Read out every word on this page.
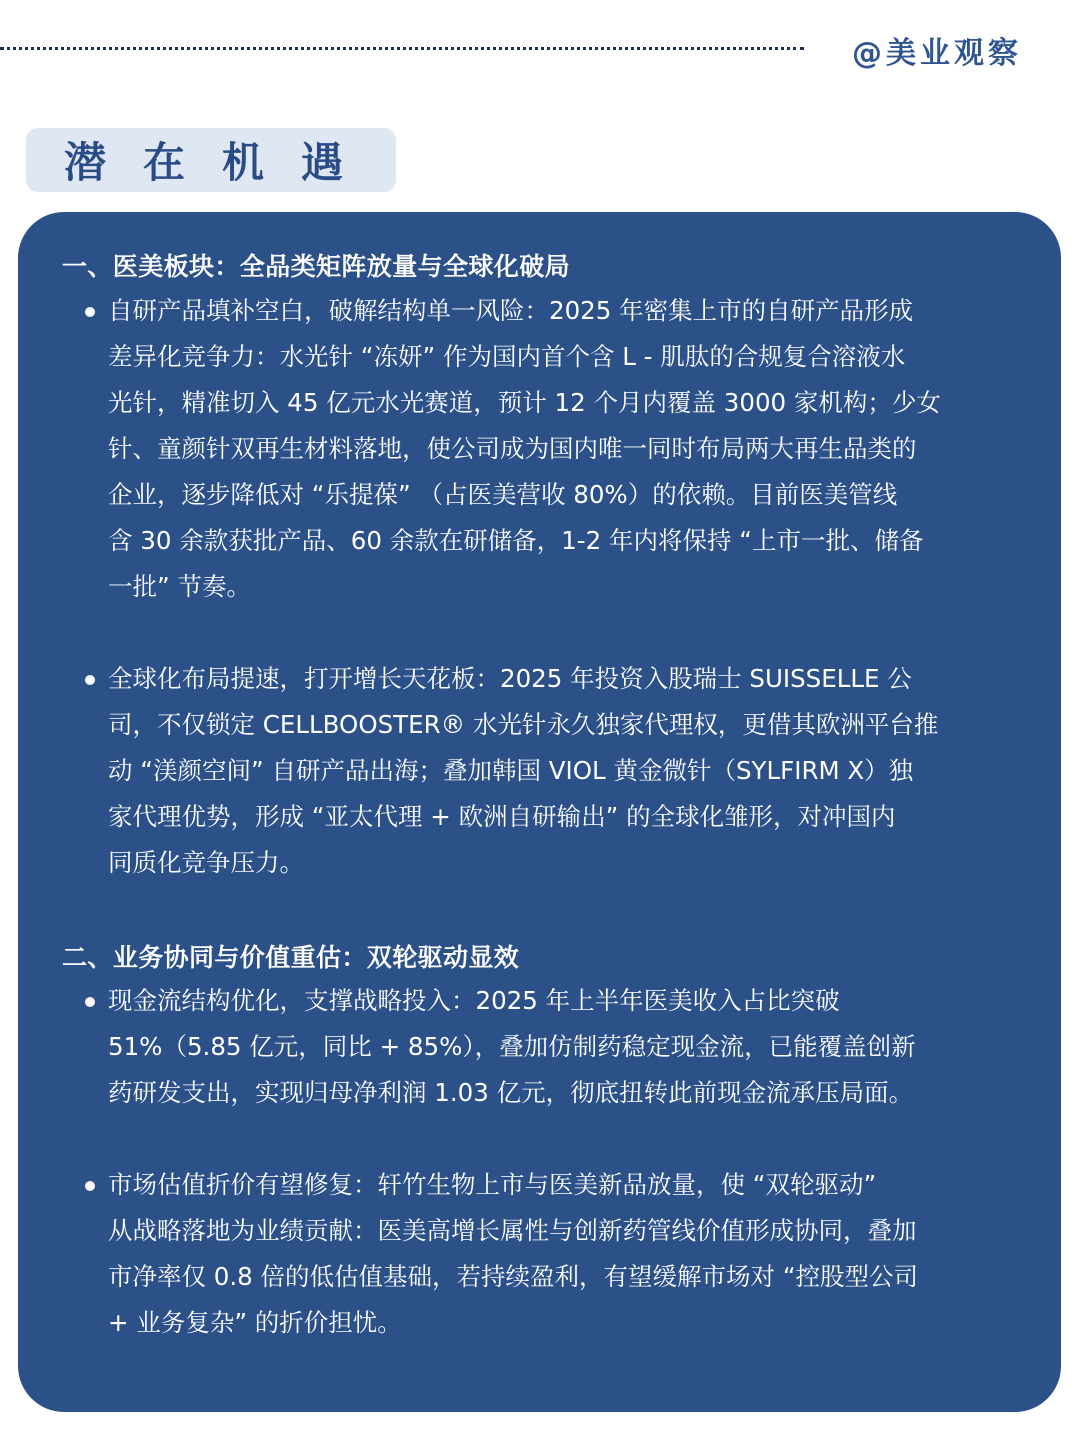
@美业观察
潜在机遇
一、医美板块：全品类矩阵放量与全球化破局
自研产品填补空白，破解结构单一风险：2025 年密集上市的自研产品形成
差异化竞争力：水光针 “冻妍” 作为国内首个含 L - 肌肽的合规复合溶液水
光针，精准切入 45 亿元水光赛道，预计 12 个月内覆盖 3000 家机构；少女
针、童颜针双再生材料落地，使公司成为国内唯一同时布局两大再生品类的
企业，逐步降低对 “乐提葆” （占医美营收 80%）的依赖。目前医美管线
含 30 余款获批产品、60 余款在研储备，1-2 年内将保持 “上市一批、储备
一批” 节奏。
全球化布局提速，打开增长天花板：2025 年投资入股瑞士 SUISSELLE 公
司，不仅锁定 CELLBOOSTER® 水光针永久独家代理权，更借其欧洲平台推
动 “渼颜空间” 自研产品出海；叠加韩国 VIOL 黄金微针（SYLFIRM X）独
家代理优势，形成 “亚太代理 + 欧洲自研输出” 的全球化雏形，对冲国内
同质化竞争压力。
二、业务协同与价值重估：双轮驱动显效
现金流结构优化，支撑战略投入：2025 年上半年医美收入占比突破
51%（5.85 亿元，同比 + 85%），叠加仿制药稳定现金流，已能覆盖创新
药研发支出，实现归母净利润 1.03 亿元，彻底扭转此前现金流承压局面。
市场估值折价有望修复：轩竹生物上市与医美新品放量，使 “双轮驱动”
从战略落地为业绩贡献：医美高增长属性与创新药管线价值形成协同，叠加
市净率仅 0.8 倍的低估值基础，若持续盈利，有望缓解市场对 “控股型公司
+ 业务复杂” 的折价担忧。
